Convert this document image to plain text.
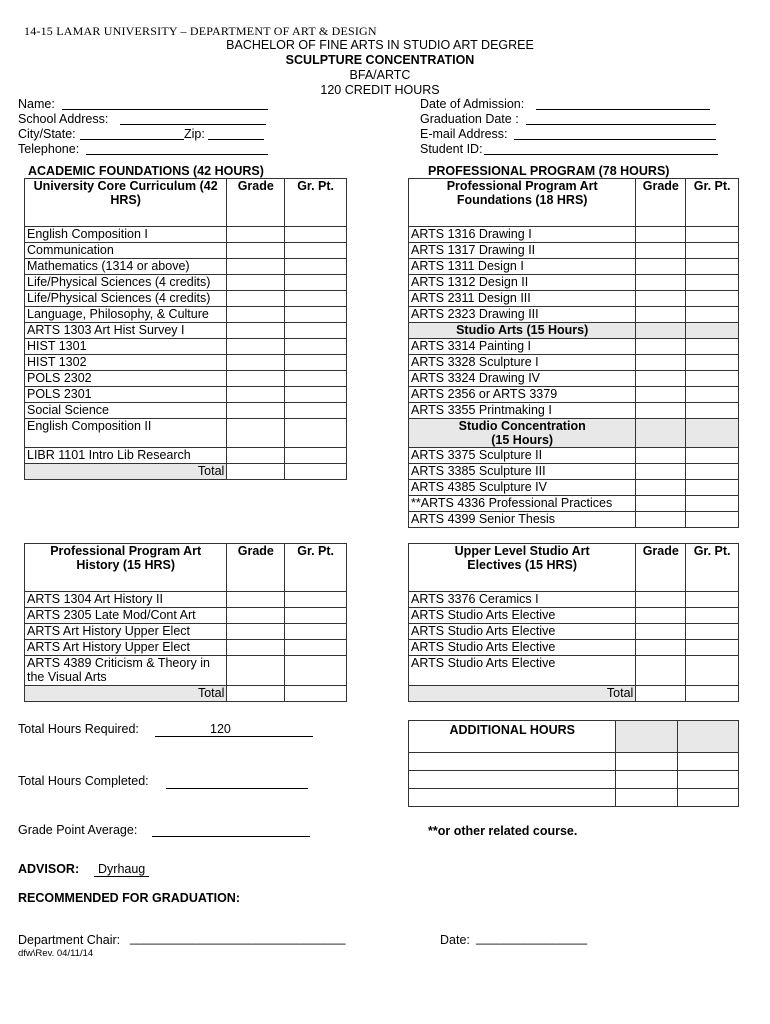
14-15 LAMAR UNIVERSITY – DEPARTMENT OF ART & DESIGN
BACHELOR OF FINE ARTS IN STUDIO ART DEGREE
SCULPTURE CONCENTRATION
BFA/ARTC
120 CREDIT HOURS
Name:
School Address:
City/State:	Zip:
Telephone:
Date of Admission:
Graduation Date :
E-mail Address:
Student ID:
ACADEMIC FOUNDATIONS (42 HOURS)	PROFESSIONAL PROGRAM (78 HOURS)
University Core Curriculum (42 HRS)	Grade	Gr. Pt.
English Composition I		
Communication		
Mathematics (1314 or above)		
Life/Physical Sciences (4 credits)		
Life/Physical Sciences (4 credits)		
Language, Philosophy, & Culture		
ARTS 1303 Art Hist Survey I		
HIST 1301		
HIST 1302		
POLS 2302		
POLS 2301		
Social Science		
English Composition II		
LIBR 1101 Intro Lib Research		
Total		
Professional Program Art Foundations (18 HRS)	Grade	Gr. Pt.
ARTS 1316 Drawing I		
ARTS 1317 Drawing II		
ARTS 1311 Design I		
ARTS 1312 Design II		
ARTS 2311 Design III		
ARTS 2323 Drawing III		
Studio Arts (15 Hours)		
ARTS 3314 Painting I		
ARTS 3328 Sculpture I		
ARTS 3324 Drawing IV		
ARTS 2356 or ARTS 3379		
ARTS 3355 Printmaking I		
Studio Concentration (15 Hours)		
ARTS 3375 Sculpture II		
ARTS 3385 Sculpture III		
ARTS 4385 Sculpture IV		
**ARTS 4336 Professional Practices		
ARTS 4399 Senior Thesis		
Professional Program Art History (15 HRS)	Grade	Gr. Pt.
ARTS 1304 Art History II		
ARTS 2305 Late Mod/Cont Art		
ARTS Art History Upper Elect		
ARTS Art History Upper Elect		
ARTS 4389 Criticism & Theory in the Visual Arts		
Total		
Upper Level Studio Art Electives (15 HRS)	Grade	Gr. Pt.
ARTS 3376 Ceramics I		
ARTS Studio Arts Elective		
ARTS Studio Arts Elective		
ARTS Studio Arts Elective		
ARTS Studio Arts Elective		
Total		
ADDITIONAL HOURS		

**or other related course.
Total Hours Required:	120
Total Hours Completed:
Grade Point Average:
ADVISOR:	Dyrhaug
RECOMMENDED FOR GRADUATION:
Department Chair: _______________________________	Date: ________________
dfw\Rev. 04/11/14
